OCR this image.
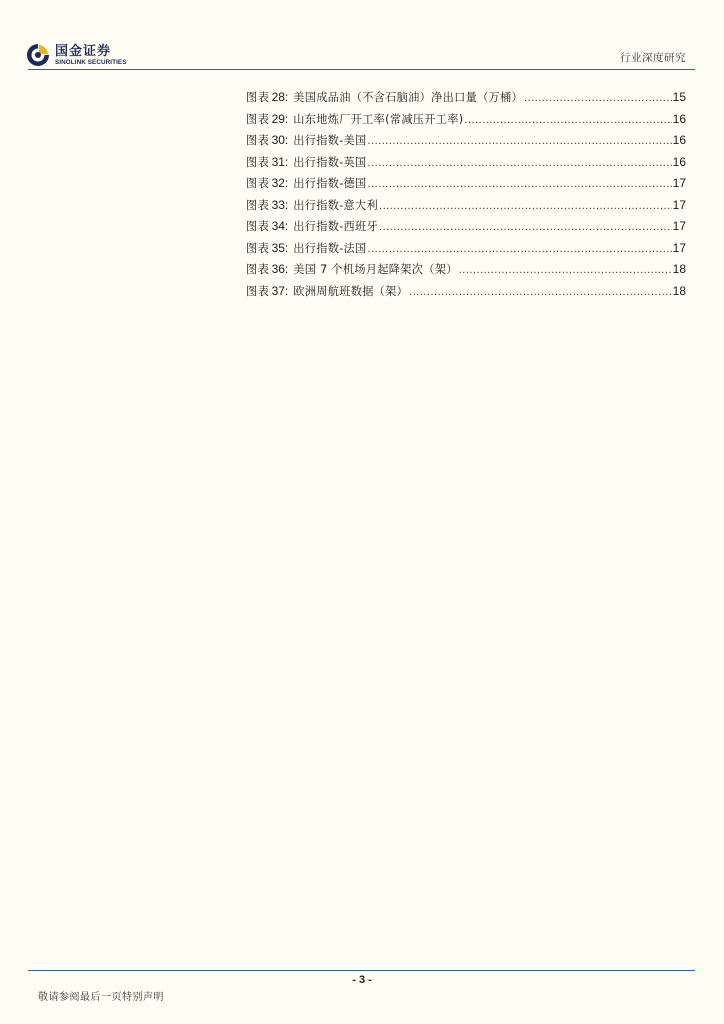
国金证券
SINOLINK SECURITIES	行业深度研究
图表 28: 美国成品油（不含石脑油）净出口量（万桶） .....	15
图表 29: 山东地炼厂开工率(常减压开工率) .....	16
图表 30: 出行指数-美国 .....	16
图表 31: 出行指数-英国 .....	16
图表 32: 出行指数-德国 .....	17
图表 33: 出行指数-意大利 .....	17
图表 34: 出行指数-西班牙 .....	17
图表 35: 出行指数-法国 .....	17
图表 36: 美国 7 个机场月起降架次（架） .....	18
图表 37: 欧洲周航班数据（架） .....	18
- 3 -
敬请参阅最后一页特别声明
